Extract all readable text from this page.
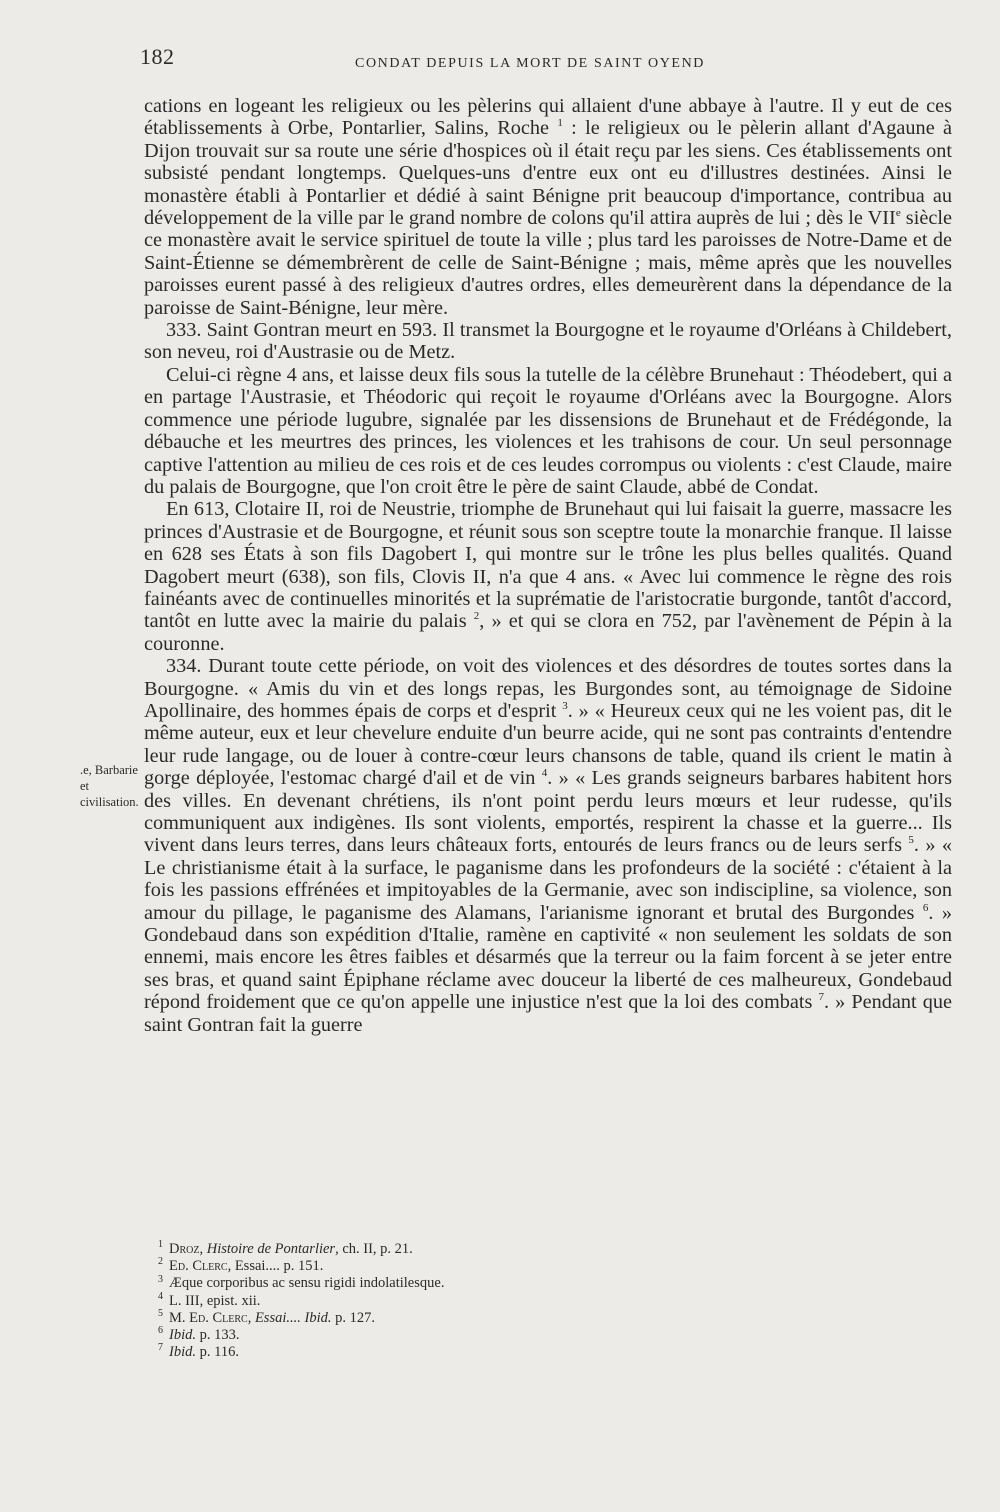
182	CONDAT DEPUIS LA MORT DE SAINT OYEND
.e, Barbarie et civilisation.

cations en logeant les religieux ou les pèlerins qui allaient d'une abbaye à l'autre. Il y eut de ces établissements à Orbe, Pontarlier, Salins, Roche $^1$ : le religieux ou le pèlerin allant d'Agaune à Dijon trouvait sur sa route une série d'hospices où il était reçu par les siens. Ces établissements ont subsisté pendant longtemps. Quelques-uns d'entre eux ont eu d'illustres destinées. Ainsi le monastère établi à Pontarlier et dédié à saint Bénigne prit beaucoup d'importance, contribua au développement de la ville par le grand nombre de colons qu'il attira auprès de lui ; dès le VIIe siècle ce monastère avait le service spirituel de toute la ville ; plus tard les paroisses de Notre-Dame et de Saint-Étienne se démembrèrent de celle de Saint-Bénigne ; mais, même après que les nouvelles paroisses eurent passé à des religieux d'autres ordres, elles demeurèrent dans la dépendance de la paroisse de Saint-Bénigne, leur mère.

333. Saint Gontran meurt en 593. Il transmet la Bourgogne et le royaume d'Orléans à Childebert, son neveu, roi d'Austrasie ou de Metz.

Celui-ci règne 4 ans, et laisse deux fils sous la tutelle de la célèbre Brunehaut : Théodebert, qui a en partage l'Austrasie, et Théodoric qui reçoit le royaume d'Orléans avec la Bourgogne. Alors commence une période lugubre, signalée par les dissensions de Brunehaut et de Frédégonde, la débauche et les meurtres des princes, les violences et les trahisons de cour. Un seul personnage captive l'attention au milieu de ces rois et de ces leudes corrompus ou violents : c'est Claude, maire du palais de Bourgogne, que l'on croit être le père de saint Claude, abbé de Condat.

En 613, Clotaire II, roi de Neustrie, triomphe de Brunehaut qui lui faisait la guerre, massacre les princes d'Austrasie et de Bourgogne, et réunit sous son sceptre toute la monarchie franque. Il laisse en 628 ses États à son fils Dagobert I, qui montre sur le trône les plus belles qualités. Quand Dagobert meurt (638), son fils, Clovis II, n'a que 4 ans. « Avec lui commence le règne des rois fainéants avec de continuelles minorités et la suprématie de l'aristocratie burgonde, tantôt d'accord, tantôt en lutte avec la mairie du palais $^2$, » et qui se clora en 752, par l'avènement de Pépin à la couronne.

334. Durant toute cette période, on voit des violences et des désordres de toutes sortes dans la Bourgogne. « Amis du vin et des longs repas, les Burgondes sont, au témoignage de Sidoine Apollinaire, des hommes épais de corps et d'esprit $^3$. » « Heureux ceux qui ne les voient pas, dit le même auteur, eux et leur chevelure enduite d'un beurre acide, qui ne sont pas contraints d'entendre leur rude langage, ou de louer à contre-cœur leurs chansons de table, quand ils crient le matin à gorge déployée, l'estomac chargé d'ail et de vin $^4$. » « Les grands seigneurs barbares habitent hors des villes. En devenant chrétiens, ils n'ont point perdu leurs mœurs et leur rudesse, qu'ils communiquent aux indigènes. Ils sont violents, emportés, respirent la chasse et la guerre... Ils vivent dans leurs terres, dans leurs châteaux forts, entourés de leurs francs ou de leurs serfs $^5$. » « Le christianisme était à la surface, le paganisme dans les profondeurs de la société : c'étaient à la fois les passions effrénées et impitoyables de la Germanie, avec son indiscipline, sa violence, son amour du pillage, le paganisme des Alamans, l'arianisme ignorant et brutal des Burgondes $^6$. » Gondebaud dans son expédition d'Italie, ramène en captivité « non seulement les soldats de son ennemi, mais encore les êtres faibles et désarmés que la terreur ou la faim forcent à se jeter entre ses bras, et quand saint Épiphane réclame avec douceur la liberté de ces malheureux, Gondebaud répond froidement que ce qu'on appelle une injustice n'est que la loi des combats $^7$. » Pendant que saint Gontran fait la guerre

$^1$ Droz, Histoire de Pontarlier, ch. II, p. 21.
$^2$ Ed. Clerc, Essai.... p. 151.
$^3$ Æque corporibus ac sensu rigidi indolatilesque.
$^4$ L. III, epist. xii.
$^5$ M. Ed. Clerc, Essai.... Ibid. p. 127.
$^6$ Ibid. p. 133.
$^7$ Ibid. p. 116.
